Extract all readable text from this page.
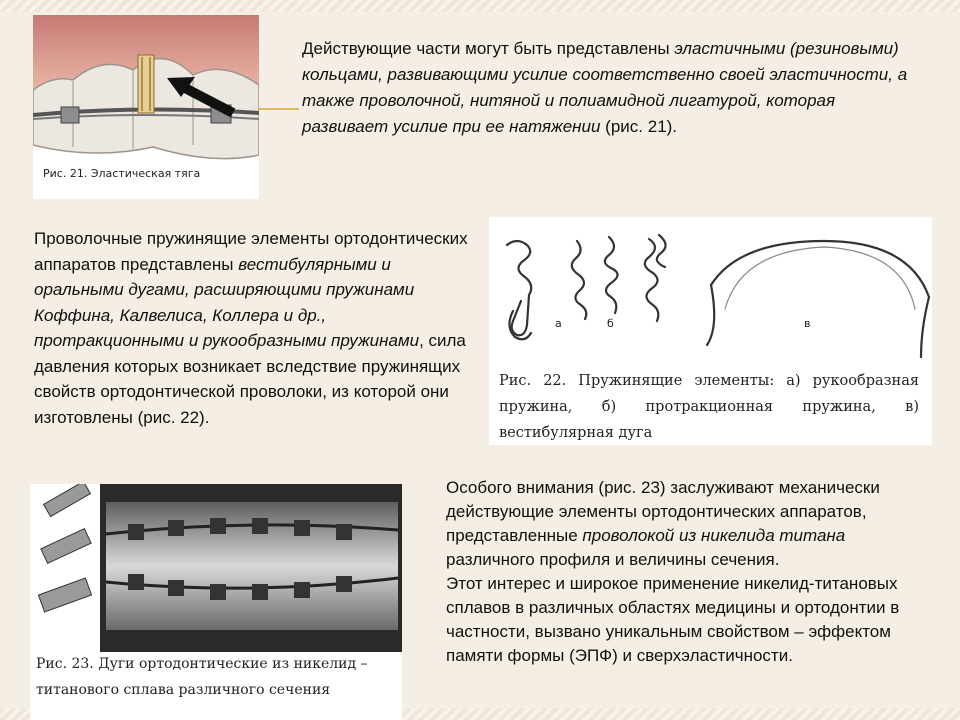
Рис. 21. Эластическая тяга
Действующие части могут быть представлены эластичными (резиновыми) кольцами, развивающими усилие соответственно своей эластичности, а также проволочной, нитяной и полиамидной лигатурой, которая развивает усилие при ее натяжении (рис. 21).
Проволочные пружинящие элементы ортодонтических аппаратов представлены вестибулярными и оральными дугами, расширяющими пружинами Коффина, Калвелиса, Коллера и др., протракционными и рукообразными пружинами, сила давления которых возникает вследствие пружинящих свойств ортодонтической проволоки, из которой они изготовлены (рис. 22).
а	б	в
Рис. 22. Пружинящие элементы: а) рукообразная пружина, б) протракционная пружина, в) вестибулярная дуга
Рис. 23. Дуги ортодонтические из никелид – титанового сплава различного сечения
Особого внимания (рис. 23) заслуживают механически действующие элементы ортодонтических аппаратов, представленные проволокой из никелида титана различного профиля и величины сечения.
Этот интерес и широкое применение никелид-титановых сплавов в различных областях медицины и ортодонтии в частности, вызвано уникальным свойством – эффектом памяти формы (ЭПФ) и сверхэластичности.
